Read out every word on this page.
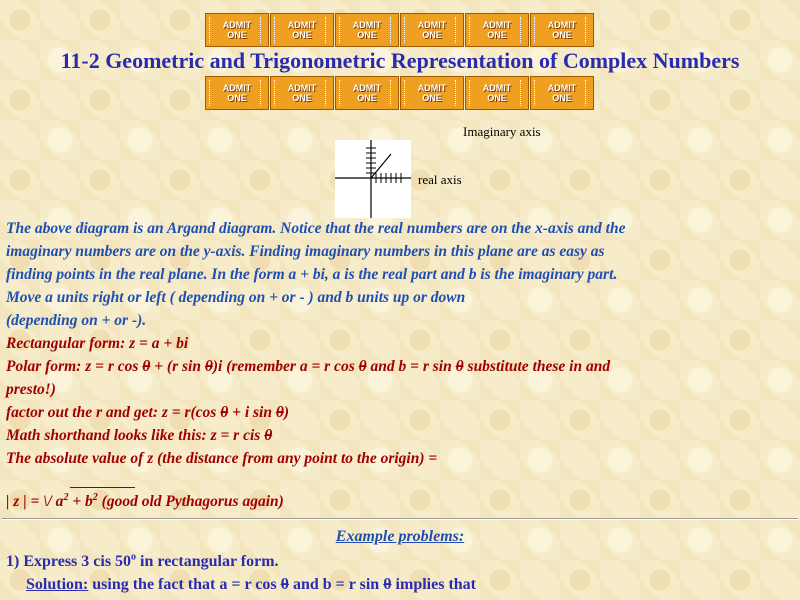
ADMIT
ONE
ADMIT
ONE
ADMIT
ONE
ADMIT
ONE
ADMIT
ONE
ADMIT
ONE
11-2 Geometric and Trigonometric Representation of Complex Numbers
ADMIT
ONE
ADMIT
ONE
ADMIT
ONE
ADMIT
ONE
ADMIT
ONE
ADMIT
ONE
Imaginary axis
real axis
The above diagram is an Argand diagram. Notice that the real numbers are on the x-axis and the
imaginary numbers are on the y-axis. Finding imaginary numbers in this plane are as easy as
finding points in the real plane. In the form a + bi, a is the real part and b is the imaginary part.
Move a units right or left ( depending on + or - ) and b units up or down
(depending on + or -).
Rectangular form: z = a + bi
Polar form: z = r cos θ + (r sin θ)i (remember a = r cos θ and b = r sin θ substitute these in and
presto!)
factor out the r and get: z = r(cos θ + i sin θ)
Math shorthand looks like this: z = r cis θ
The absolute value of z (the distance from any point to the origin) =
| z | = \/ $a^2 + b^2$ (good old Pythagorus again)
Example problems:
1) Express 3 cis 50$^o$ in rectangular form.
Solution: using the fact that a = r cos θ and b = r sin θ implies that
